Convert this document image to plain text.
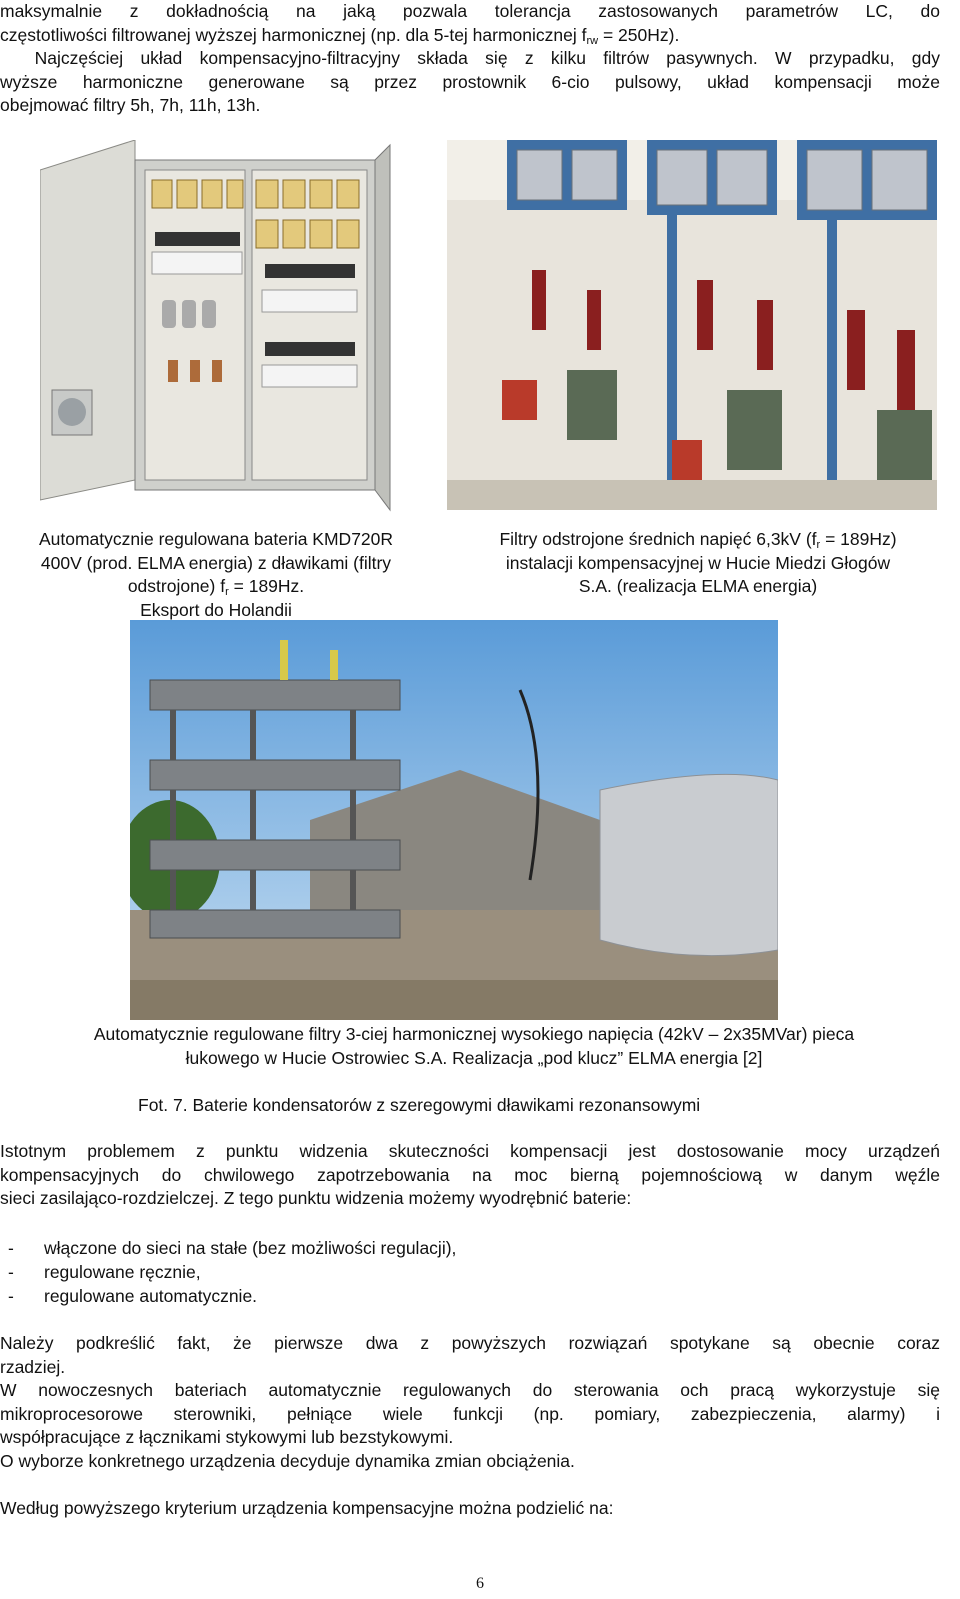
maksymalnie z dokładnością na jaką pozwala tolerancja zastosowanych parametrów LC, do
częstotliwości filtrowanej wyższej harmonicznej (np. dla 5-tej harmonicznej $f_{rw} = 250Hz$).
Najczęściej układ kompensacyjno-filtracyjny składa się z kilku filtrów pasywnych. W przypadku, gdy
wyższe harmoniczne generowane są przez prostownik 6-cio pulsowy, układ kompensacji może
obejmować filtry 5h, 7h, 11h, 13h.
Automatycznie regulowana bateria KMD720R
400V (prod. ELMA energia) z dławikami (filtry
odstrojone) $f_r = 189Hz$.
Eksport do Holandii
Filtry odstrojone średnich napięć 6,3kV $(f_r = 189Hz)$
instalacji kompensacyjnej w Hucie Miedzi Głogów
S.A. (realizacja ELMA energia)
Automatycznie regulowane filtry 3-ciej harmonicznej wysokiego napięcia (42kV – 2x35MVar) pieca
łukowego w Hucie Ostrowiec S.A. Realizacja „pod klucz” ELMA energia [2]
Fot. 7. Baterie kondensatorów z szeregowymi dławikami rezonansowymi
Istotnym problemem z punktu widzenia skuteczności kompensacji jest dostosowanie mocy urządzeń
kompensacyjnych do chwilowego zapotrzebowania na moc bierną pojemnościową w danym węźle
sieci zasilająco-rozdzielczej. Z tego punktu widzenia możemy wyodrębnić baterie:
- włączone do sieci na stałe (bez możliwości regulacji),
- regulowane ręcznie,
- regulowane automatycznie.
Należy podkreślić fakt, że pierwsze dwa z powyższych rozwiązań spotykane są obecnie coraz
rzadziej.
W nowoczesnych bateriach automatycznie regulowanych do sterowania och pracą wykorzystuje się
mikroprocesorowe sterowniki, pełniące wiele funkcji (np. pomiary, zabezpieczenia, alarmy) i
współpracujące z łącznikami stykowymi lub bezstykowymi.
O wyborze konkretnego urządzenia decyduje dynamika zmian obciążenia.
Według powyższego kryterium urządzenia kompensacyjne można podzielić na:
6
